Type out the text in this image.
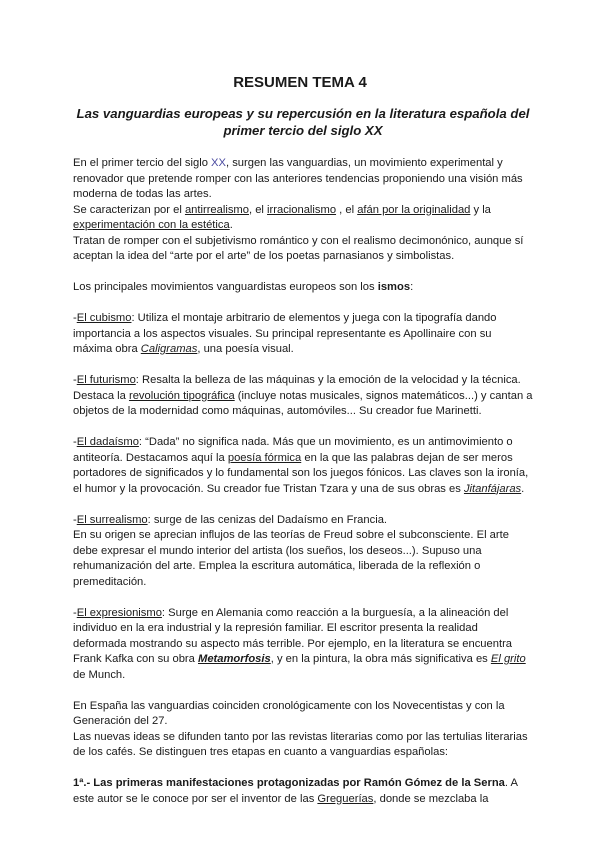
RESUMEN TEMA 4
Las vanguardias europeas y su repercusión en la literatura española del primer tercio del siglo XX

En el primer tercio del siglo XX, surgen las vanguardias, un movimiento experimental y renovador que pretende romper con las anteriores tendencias proponiendo una visión más moderna de todas las artes.
Se caracterizan por el antirrealismo, el irracionalismo , el afán por la originalidad y la experimentación con la estética.
Tratan de romper con el subjetivismo romántico y con el realismo decimonónico, aunque sí aceptan la idea del “arte por el arte” de los poetas parnasianos y simbolistas.

Los principales movimientos vanguardistas europeos son los ismos:

-El cubismo: Utiliza el montaje arbitrario de elementos y juega con la tipografía dando importancia a los aspectos visuales. Su principal representante es Apollinaire con su máxima obra Caligramas, una poesía visual.

-El futurismo: Resalta la belleza de las máquinas y la emoción de la velocidad y la técnica. Destaca la revolución tipográfica (incluye notas musicales, signos matemáticos...) y cantan a objetos de la modernidad como máquinas, automóviles... Su creador fue Marinetti.

-El dadaísmo: “Dada” no significa nada. Más que un movimiento, es un antimovimiento o antiteoría. Destacamos aquí la poesía fórmica en la que las palabras dejan de ser meros portadores de significados y lo fundamental son los juegos fónicos. Las claves son la ironía, el humor y la provocación. Su creador fue Tristan Tzara y una de sus obras es Jitanfájaras.

-El surrealismo: surge de las cenizas del Dadaísmo en Francia.
En su origen se aprecian influjos de las teorías de Freud sobre el subconsciente. El arte debe expresar el mundo interior del artista (los sueños, los deseos...). Supuso una rehumanización del arte. Emplea la escritura automática, liberada de la reflexión o premeditación.

-El expresionismo: Surge en Alemania como reacción a la burguesía, a la alineación del individuo en la era industrial y la represión familiar. El escritor presenta la realidad deformada mostrando su aspecto más terrible. Por ejemplo, en la literatura se encuentra Frank Kafka con su obra Metamorfosis, y en la pintura, la obra más significativa es El grito de Munch.

En España las vanguardias coinciden cronológicamente con los Novecentistas y con la Generación del 27.
Las nuevas ideas se difunden tanto por las revistas literarias como por las tertulias literarias de los cafés. Se distinguen tres etapas en cuanto a vanguardias españolas:

1ª.- Las primeras manifestaciones protagonizadas por Ramón Gómez de la Serna. A este autor se le conoce por ser el inventor de las Greguerías, donde se mezclaba la
